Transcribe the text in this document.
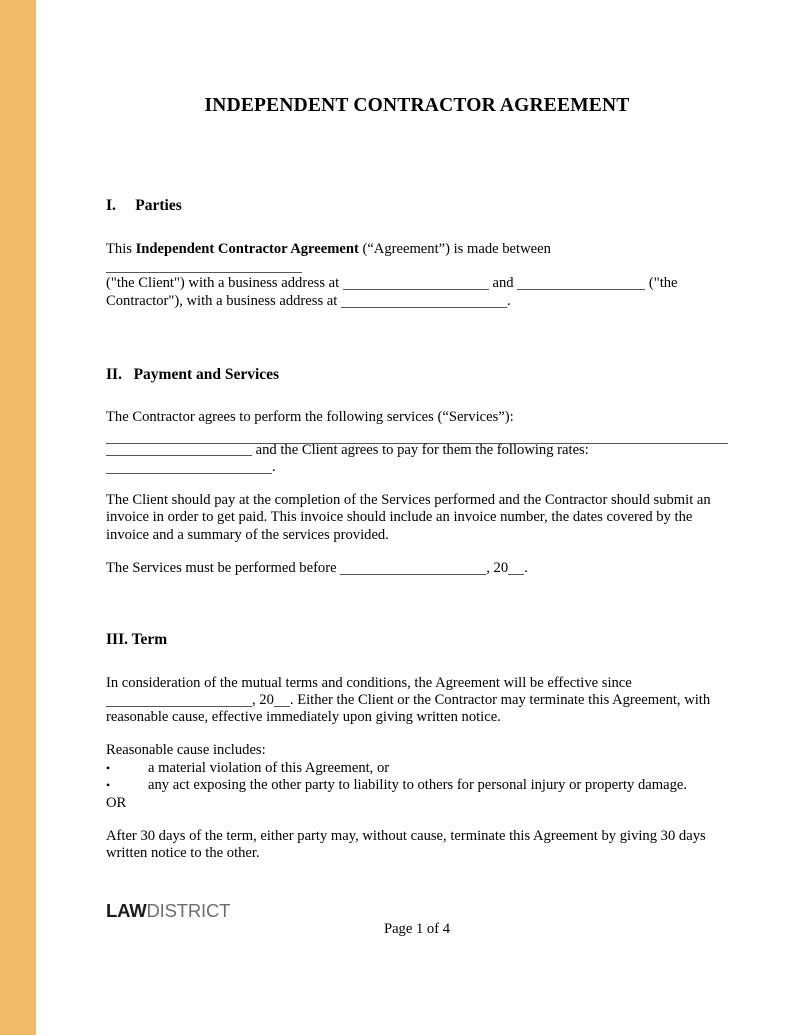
INDEPENDENT CONTRACTOR AGREEMENT
I.  Parties

This Independent Contractor Agreement (“Agreement”) is made between
("the Client") with a business address at	and	("the
Contractor"), with a business address at	.

II.  Payment and Services

The Contractor agrees to perform the following services (“Services”):

and the Client agrees to pay for them the following rates:
.

The Client should pay at the completion of the Services performed and the Contractor should submit an invoice in order to get paid. This invoice should include an invoice number, the dates covered by the invoice and a summary of the services provided.

The Services must be performed before	, 20 .

III. Term

In consideration of the mutual terms and conditions, the Agreement will be effective since
, 20 . Either the Client or the Contractor may terminate this Agreement, with reasonable cause, effective immediately upon giving written notice.

Reasonable cause includes:

•	a material violation of this Agreement, or
•	any act exposing the other party to liability to others for personal injury or property damage.

OR

After 30 days of the term, either party may, without cause, terminate this Agreement by giving 30 days written notice to the other.

LAWDISTRICT
Page 1 of 4
